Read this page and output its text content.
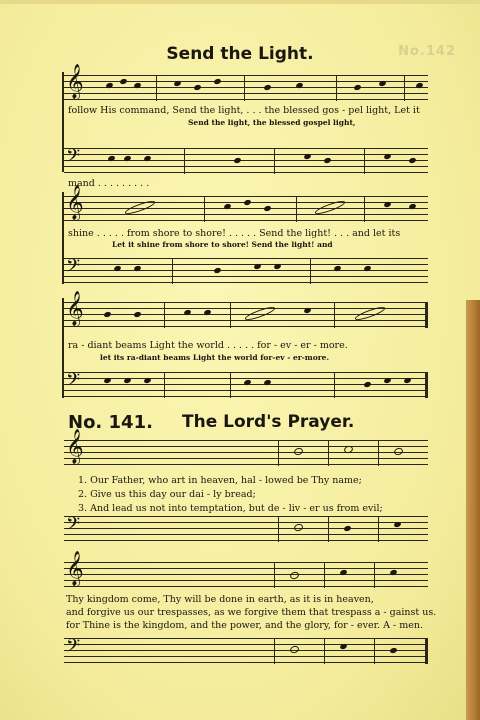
No.142
Send the Light.
𝄞
follow His command, Send the light, . . . the blessed gos - pel light, Let it
Send the light, the blessed gospel light,
𝄢
mand . . . . . . . . .
𝄞
shine . . . . . from shore to shore! . . . . . Send the light! . . . and let its
Let it shine from shore to shore! Send the light! and
𝄢
𝄞
ra - diant beams Light the world . . . . . for - ev - er - more.
let its ra-diant beams Light the world for-ev - er-more.
𝄢
No. 141. The Lord's Prayer.
𝄞
1. Our Father, who art in heaven, hal - lowed be Thy name;
2. Give us this day our dai - ly bread;
3. And lead us not into temptation, but de - liv - er us from evil;
𝄢
𝄞
Thy kingdom come, Thy will be done in earth, as it is in heaven,
and forgive us our trespasses, as we forgive them that trespass a - gainst us.
for Thine is the kingdom, and the power, and the glory, for - ever. A - men.
𝄢
